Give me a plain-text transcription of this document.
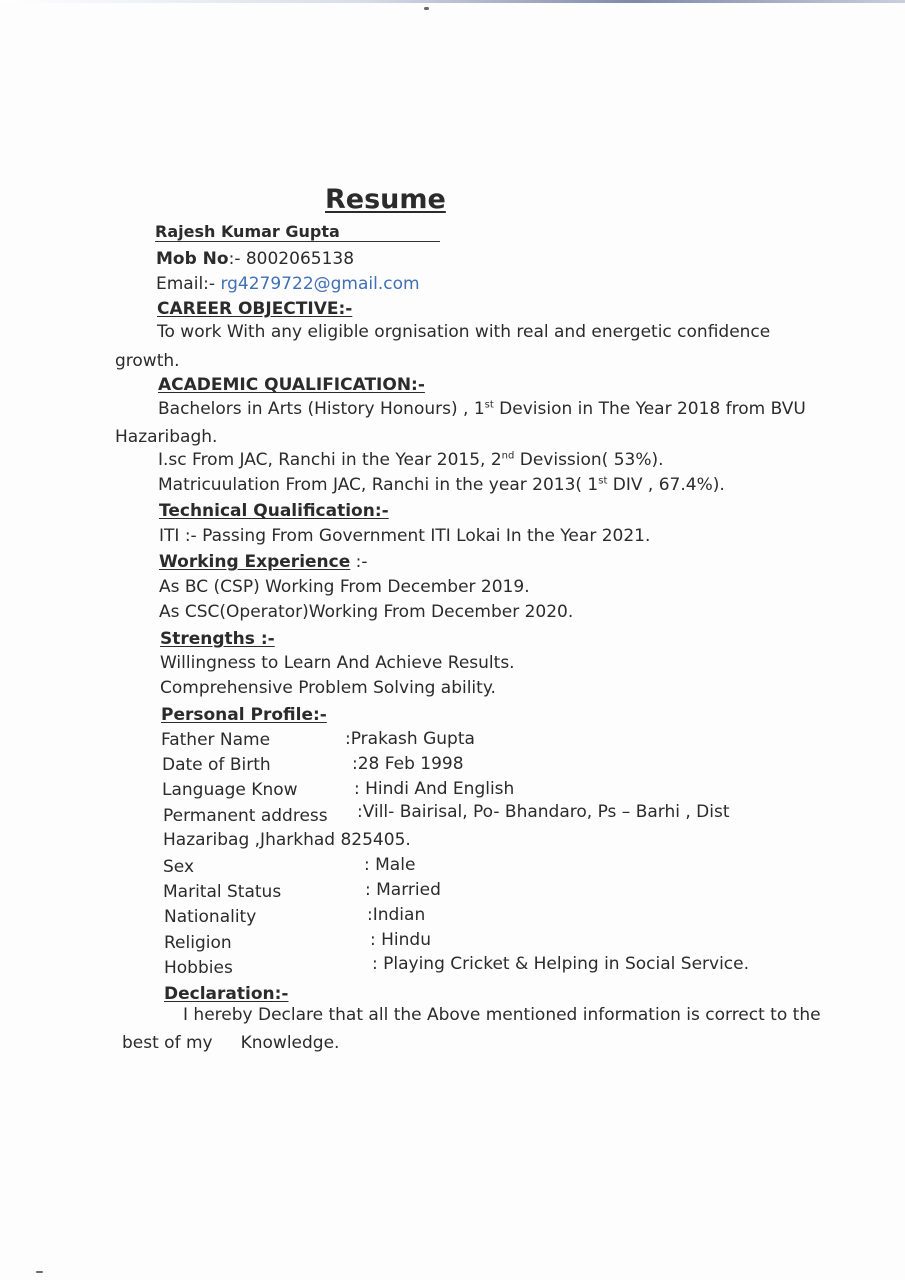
Resume
Rajesh Kumar Gupta
Mob No:- 8002065138
Email:- rg4279722@gmail.com
CAREER OBJECTIVE:-
To work With any eligible orgnisation with real and energetic confidence
growth.
ACADEMIC QUALIFICATION:-
Bachelors in Arts (History Honours) , 1st Devision in The Year 2018 from BVU
Hazaribagh.
I.sc From JAC, Ranchi in the Year 2015, 2nd Devission( 53%).
Matricuulation From JAC, Ranchi in the year 2013( 1st DIV , 67.4%).
Technical Qualification:-
ITI :- Passing From Government ITI Lokai In the Year 2021.
Working Experience :-
As BC (CSP) Working From December 2019.
As CSC(Operator)Working From December 2020.
Strengths :-
Willingness to Learn And Achieve Results.
Comprehensive Problem Solving ability.
Personal Profile:-
Father Name	:Prakash Gupta
Date of Birth	:28 Feb 1998
Language Know	: Hindi And English
Permanent address :Vill- Bairisal, Po- Bhandaro, Ps – Barhi , Dist
Hazaribag ,Jharkhad 825405.
Sex	: Male
Marital Status	: Married
Nationality	:Indian
Religion	: Hindu
Hobbies	: Playing Cricket & Helping in Social Service.
Declaration:-
I hereby Declare that all the Above mentioned information is correct to the
best of my Knowledge.
